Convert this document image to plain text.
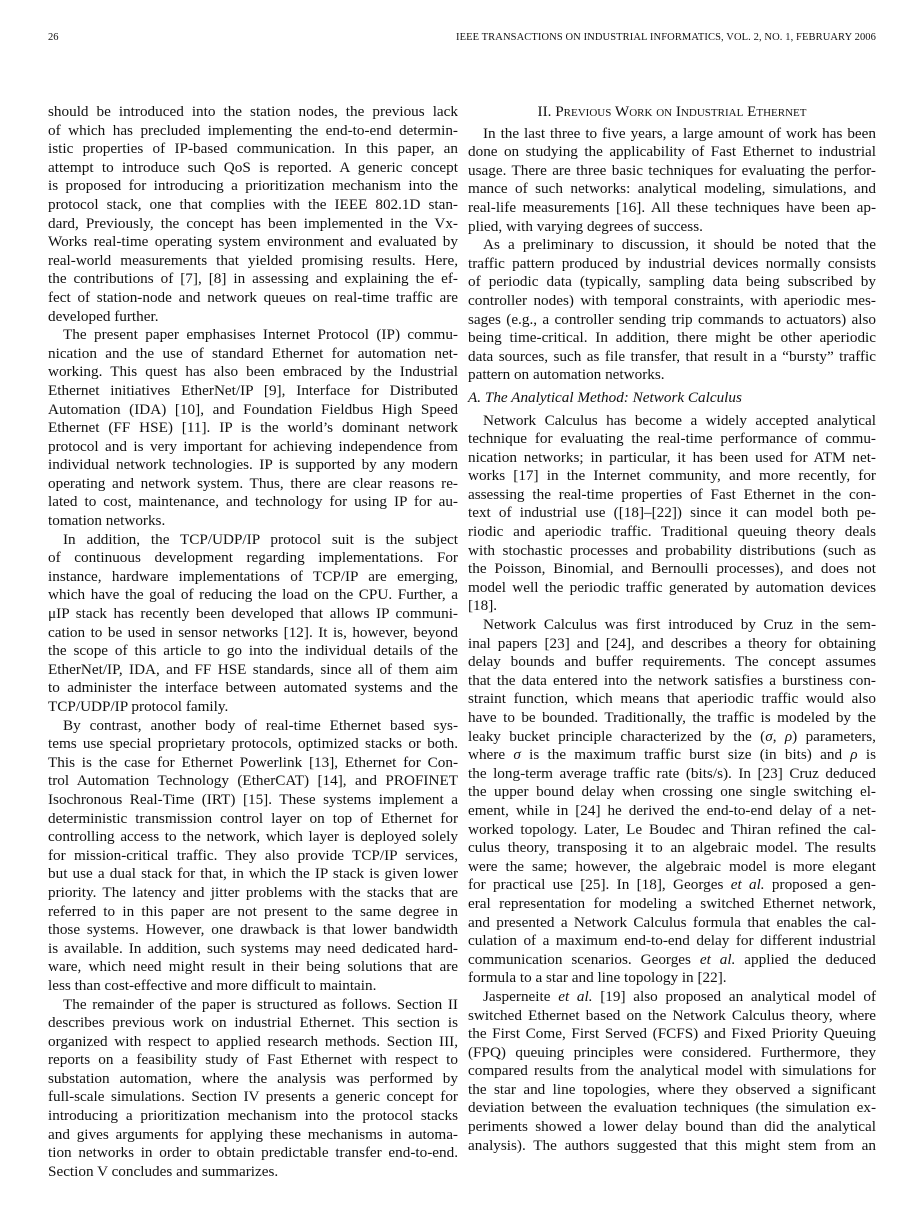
26	IEEE TRANSACTIONS ON INDUSTRIAL INFORMATICS, VOL. 2, NO. 1, FEBRUARY 2006
should be introduced into the station nodes, the previous lack
of which has precluded implementing the end-to-end determin-
istic properties of IP-based communication. In this paper, an
attempt to introduce such QoS is reported. A generic concept
is proposed for introducing a prioritization mechanism into the
protocol stack, one that complies with the IEEE 802.1D stan-
dard, Previously, the concept has been implemented in the Vx-
Works real-time operating system environment and evaluated by
real-world measurements that yielded promising results. Here,
the contributions of [7], [8] in assessing and explaining the ef-
fect of station-node and network queues on real-time traffic are
developed further.
The present paper emphasises Internet Protocol (IP) commu-
nication and the use of standard Ethernet for automation net-
working. This quest has also been embraced by the Industrial
Ethernet initiatives EtherNet/IP [9], Interface for Distributed
Automation (IDA) [10], and Foundation Fieldbus High Speed
Ethernet (FF HSE) [11]. IP is the world’s dominant network
protocol and is very important for achieving independence from
individual network technologies. IP is supported by any modern
operating and network system. Thus, there are clear reasons re-
lated to cost, maintenance, and technology for using IP for au-
tomation networks.
In addition, the TCP/UDP/IP protocol suit is the subject
of continuous development regarding implementations. For
instance, hardware implementations of TCP/IP are emerging,
which have the goal of reducing the load on the CPU. Further, a
μIP stack has recently been developed that allows IP communi-
cation to be used in sensor networks [12]. It is, however, beyond
the scope of this article to go into the individual details of the
EtherNet/IP, IDA, and FF HSE standards, since all of them aim
to administer the interface between automated systems and the
TCP/UDP/IP protocol family.
By contrast, another body of real-time Ethernet based sys-
tems use special proprietary protocols, optimized stacks or both.
This is the case for Ethernet Powerlink [13], Ethernet for Con-
trol Automation Technology (EtherCAT) [14], and PROFINET
Isochronous Real-Time (IRT) [15]. These systems implement a
deterministic transmission control layer on top of Ethernet for
controlling access to the network, which layer is deployed solely
for mission-critical traffic. They also provide TCP/IP services,
but use a dual stack for that, in which the IP stack is given lower
priority. The latency and jitter problems with the stacks that are
referred to in this paper are not present to the same degree in
those systems. However, one drawback is that lower bandwidth
is available. In addition, such systems may need dedicated hard-
ware, which need might result in their being solutions that are
less than cost-effective and more difficult to maintain.
The remainder of the paper is structured as follows. Section II
describes previous work on industrial Ethernet. This section is
organized with respect to applied research methods. Section III,
reports on a feasibility study of Fast Ethernet with respect to
substation automation, where the analysis was performed by
full-scale simulations. Section IV presents a generic concept for
introducing a prioritization mechanism into the protocol stacks
and gives arguments for applying these mechanisms in automa-
tion networks in order to obtain predictable transfer end-to-end.
Section V concludes and summarizes.
II. Previous Work on Industrial Ethernet
In the last three to five years, a large amount of work has been
done on studying the applicability of Fast Ethernet to industrial
usage. There are three basic techniques for evaluating the perfor-
mance of such networks: analytical modeling, simulations, and
real-life measurements [16]. All these techniques have been ap-
plied, with varying degrees of success.
As a preliminary to discussion, it should be noted that the
traffic pattern produced by industrial devices normally consists
of periodic data (typically, sampling data being subscribed by
controller nodes) with temporal constraints, with aperiodic mes-
sages (e.g., a controller sending trip commands to actuators) also
being time-critical. In addition, there might be other aperiodic
data sources, such as file transfer, that result in a “bursty” traffic
pattern on automation networks.
A. The Analytical Method: Network Calculus
Network Calculus has become a widely accepted analytical
technique for evaluating the real-time performance of commu-
nication networks; in particular, it has been used for ATM net-
works [17] in the Internet community, and more recently, for
assessing the real-time properties of Fast Ethernet in the con-
text of industrial use ([18]–[22]) since it can model both pe-
riodic and aperiodic traffic. Traditional queuing theory deals
with stochastic processes and probability distributions (such as
the Poisson, Binomial, and Bernoulli processes), and does not
model well the periodic traffic generated by automation devices
[18].
Network Calculus was first introduced by Cruz in the sem-
inal papers [23] and [24], and describes a theory for obtaining
delay bounds and buffer requirements. The concept assumes
that the data entered into the network satisfies a burstiness con-
straint function, which means that aperiodic traffic would also
have to be bounded. Traditionally, the traffic is modeled by the
leaky bucket principle characterized by the (σ, ρ) parameters,
where σ is the maximum traffic burst size (in bits) and ρ is
the long-term average traffic rate (bits/s). In [23] Cruz deduced
the upper bound delay when crossing one single switching el-
ement, while in [24] he derived the end-to-end delay of a net-
worked topology. Later, Le Boudec and Thiran refined the cal-
culus theory, transposing it to an algebraic model. The results
were the same; however, the algebraic model is more elegant
for practical use [25]. In [18], Georges et al. proposed a gen-
eral representation for modeling a switched Ethernet network,
and presented a Network Calculus formula that enables the cal-
culation of a maximum end-to-end delay for different industrial
communication scenarios. Georges et al. applied the deduced
formula to a star and line topology in [22].
Jasperneite et al. [19] also proposed an analytical model of
switched Ethernet based on the Network Calculus theory, where
the First Come, First Served (FCFS) and Fixed Priority Queuing
(FPQ) queuing principles were considered. Furthermore, they
compared results from the analytical model with simulations for
the star and line topologies, where they observed a significant
deviation between the evaluation techniques (the simulation ex-
periments showed a lower delay bound than did the analytical
analysis). The authors suggested that this might stem from an
